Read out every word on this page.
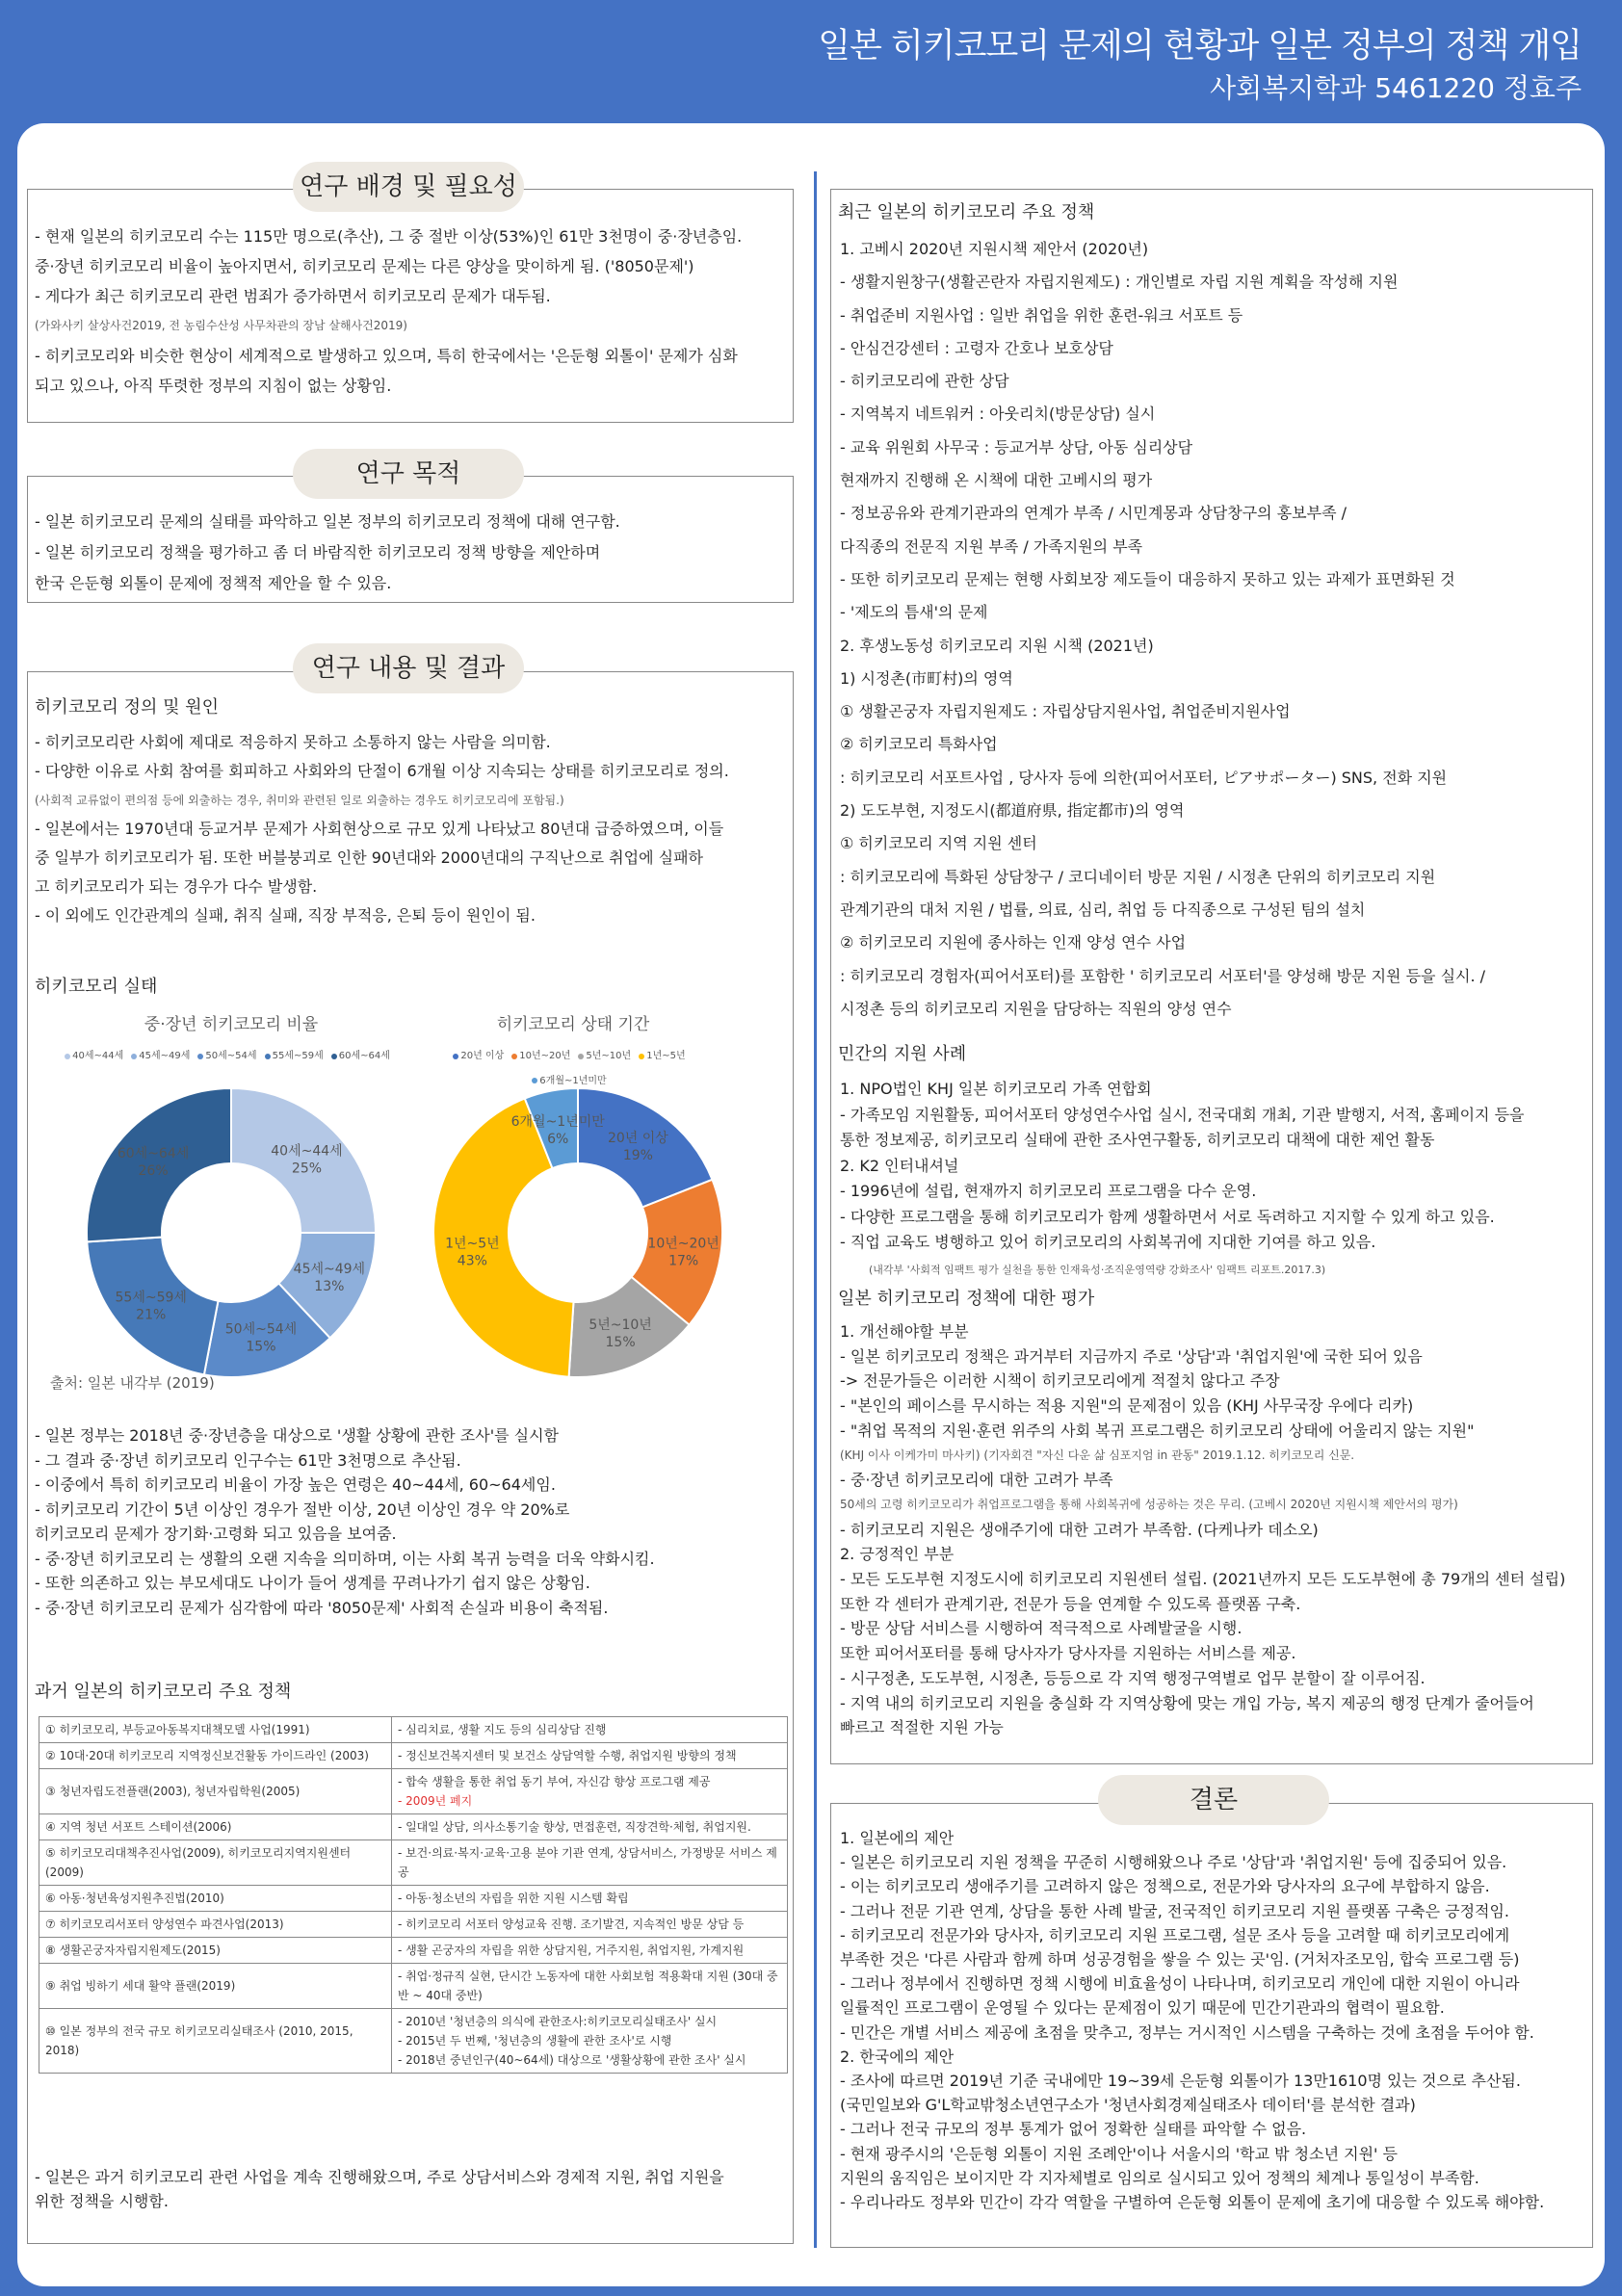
일본 히키코모리 문제의 현황과 일본 정부의 정책 개입
사회복지학과 5461220 정효주
연구 배경 및 필요성
- 현재 일본의 히키코모리 수는 115만 명으로(추산), 그 중 절반 이상(53%)인 61만 3천명이 중·장년층임.
중·장년 히키코모리 비율이 높아지면서, 히키코모리 문제는 다른 양상을 맞이하게 됨. ('8050문제')
- 게다가 최근 히키코모리 관련 범죄가 증가하면서 히키코모리 문제가 대두됨.
(가와사키 살상사건2019, 전 농림수산성 사무차관의 장남 살해사건2019)
- 히키코모리와 비슷한 현상이 세계적으로 발생하고 있으며, 특히 한국에서는 '은둔형 외톨이' 문제가 심화
되고 있으나, 아직 뚜렷한 정부의 지침이 없는 상황임.
연구 목적
- 일본 히키코모리 문제의 실태를 파악하고 일본 정부의 히키코모리 정책에 대해 연구함.
- 일본 히키코모리 정책을 평가하고 좀 더 바람직한 히키코모리 정책 방향을 제안하며
한국 은둔형 외톨이 문제에 정책적 제안을 할 수 있음.
연구 내용 및 결과
히키코모리 정의 및 원인
- 히키코모리란 사회에 제대로 적응하지 못하고 소통하지 않는 사람을 의미함.
- 다양한 이유로 사회 참여를 회피하고 사회와의 단절이 6개월 이상 지속되는 상태를 히키코모리로 정의.
(사회적 교류없이 편의점 등에 외출하는 경우, 취미와 관련된 일로 외출하는 경우도 히키코모리에 포함됨.)
- 일본에서는 1970년대 등교거부 문제가 사회현상으로 규모 있게 나타났고 80년대 급증하였으며, 이들
중 일부가 히키코모리가 됨. 또한 버블붕괴로 인한 90년대와 2000년대의 구직난으로 취업에 실패하
고 히키코모리가 되는 경우가 다수 발생함.
- 이 외에도 인간관계의 실패, 취직 실패, 직장 부적응, 은퇴 등이 원인이 됨.
히키코모리 실태
중·장년 히키코모리 비율
40세~44세 45세~49세 50세~54세 55세~59세 60세~64세
40세~44세
25%
45세~49세
13%
50세~54세
15%
55세~59세
21%
60세~64세
26%
히키코모리 상태 기간
20년 이상 10년~20년 5년~10년 1년~5년
6개월~1년미만
20년 이상
19%
10년~20년
17%
5년~10년
15%
1년~5년
43%
6개월~1년미만
6%
출처: 일본 내각부 (2019)
- 일본 정부는 2018년 중·장년층을 대상으로 '생활 상황에 관한 조사'를 실시함
- 그 결과 중·장년 히키코모리 인구수는 61만 3천명으로 추산됨.
- 이중에서 특히 히키코모리 비율이 가장 높은 연령은 40~44세, 60~64세임.
- 히키코모리 기간이 5년 이상인 경우가 절반 이상, 20년 이상인 경우 약 20%로
히키코모리 문제가 장기화·고령화 되고 있음을 보여줌.
- 중·장년 히키코모리 는 생활의 오랜 지속을 의미하며, 이는 사회 복귀 능력을 더욱 약화시킴.
- 또한 의존하고 있는 부모세대도 나이가 들어 생계를 꾸려나가기 쉽지 않은 상황임.
- 중·장년 히키코모리 문제가 심각함에 따라 '8050문제' 사회적 손실과 비용이 축적됨.
과거 일본의 히키코모리 주요 정책
① 히키코모리, 부등교아동복지대책모델 사업(1991)	- 심리치료, 생활 지도 등의 심리상담 진행

② 10대·20대 히키코모리 지역정신보건활동 가이드라인 (2003)	- 정신보건복지센터 및 보건소 상담역할 수행, 취업지원 방향의 정책

③ 청년자립도전플랜(2003), 청년자립학원(2005)	- 합숙 생활을 통한 취업 동기 부여, 자신감 향상 프로그램 제공
- 2009년 폐지

④ 지역 청년 서포트 스테이션(2006)	- 일대일 상담, 의사소통기술 향상, 면접훈련, 직장견학·체험, 취업지원.

⑤ 히키코모리대책추진사업(2009), 히키코모리지역지원센터(2009)	- 보건·의료·복지·교육·고용 분야 기관 연계, 상담서비스, 가정방문 서비스 제공

⑥ 아동·청년육성지원추진법(2010)	- 아동·청소년의 자립을 위한 지원 시스템 확립

⑦ 히키코모리서포터 양성연수 파견사업(2013)	- 히키코모리 서포터 양성교육 진행. 조기발견, 지속적인 방문 상담 등

⑧ 생활곤궁자자립지원제도(2015)	- 생활 곤궁자의 자립을 위한 상담지원, 거주지원, 취업지원, 가계지원

⑨ 취업 빙하기 세대 활약 플랜(2019)	- 취업·정규직 실현, 단시간 노동자에 대한 사회보험 적용확대 지원 (30대 중반 ~ 40대 중반)

⑩ 일본 정부의 전국 규모 히키코모리실태조사 (2010, 2015, 2018)	- 2010년 '청년층의 의식에 관한조사:히키코모리실태조사' 실시
- 2015년 두 번째, '청년층의 생활에 관한 조사'로 시행
- 2018년 중년인구(40~64세) 대상으로 '생활상황에 관한 조사' 실시
- 일본은 과거 히키코모리 관련 사업을 계속 진행해왔으며, 주로 상담서비스와 경제적 지원, 취업 지원을
위한 정책을 시행함.
최근 일본의 히키코모리 주요 정책
1. 고베시 2020년 지원시책 제안서 (2020년)
- 생활지원창구(생활곤란자 자립지원제도) : 개인별로 자립 지원 계획을 작성해 지원
- 취업준비 지원사업 : 일반 취업을 위한 훈련-워크 서포트 등
- 안심건강센터 : 고령자 간호나 보호상담
- 히키코모리에 관한 상담
- 지역복지 네트워커 : 아웃리치(방문상담) 실시
- 교육 위원회 사무국 : 등교거부 상담, 아동 심리상담
현재까지 진행해 온 시책에 대한 고베시의 평가
- 정보공유와 관계기관과의 연계가 부족 / 시민계몽과 상담창구의 홍보부족 /
다직종의 전문직 지원 부족 / 가족지원의 부족
- 또한 히키코모리 문제는 현행 사회보장 제도들이 대응하지 못하고 있는 과제가 표면화된 것
- '제도의 틈새'의 문제
2. 후생노동성 히키코모리 지원 시책 (2021년)
1) 시정촌(市町村)의 영역
① 생활곤궁자 자립지원제도 : 자립상담지원사업, 취업준비지원사업
② 히키코모리 특화사업
: 히키코모리 서포트사업 , 당사자 등에 의한(피어서포터, ピアサポーター) SNS, 전화 지원
2) 도도부현, 지정도시(都道府県, 指定都市)의 영역
① 히키코모리 지역 지원 센터
: 히키코모리에 특화된 상담창구 / 코디네이터 방문 지원 / 시정촌 단위의 히키코모리 지원
관계기관의 대처 지원 / 법률, 의료, 심리, 취업 등 다직종으로 구성된 팀의 설치
② 히키코모리 지원에 종사하는 인재 양성 연수 사업
: 히키코모리 경험자(피어서포터)를 포함한 ' 히키코모리 서포터'를 양성해 방문 지원 등을 실시. /
시정촌 등의 히키코모리 지원을 담당하는 직원의 양성 연수
민간의 지원 사례
1. NPO법인 KHJ 일본 히키코모리 가족 연합회
- 가족모임 지원활동, 피어서포터 양성연수사업 실시, 전국대회 개최, 기관 발행지, 서적, 홈페이지 등을
통한 정보제공, 히키코모리 실태에 관한 조사연구활동, 히키코모리 대책에 대한 제언 활동
2. K2 인터내셔널
- 1996년에 설립, 현재까지 히키코모리 프로그램을 다수 운영.
- 다양한 프로그램을 통해 히키코모리가 함께 생활하면서 서로 독려하고 지지할 수 있게 하고 있음.
- 직업 교육도 병행하고 있어 히키코모리의 사회복귀에 지대한 기여를 하고 있음.
(내각부 '사회적 임팩트 평가 실천을 통한 인재육성·조직운영역량 강화조사' 임팩트 리포트.2017.3)
일본 히키코모리 정책에 대한 평가
1. 개선해야할 부분
- 일본 히키코모리 정책은 과거부터 지금까지 주로 '상담'과 '취업지원'에 국한 되어 있음
-> 전문가들은 이러한 시책이 히키코모리에게 적절치 않다고 주장
- "본인의 페이스를 무시하는 적용 지원"의 문제점이 있음 (KHJ 사무국장 우에다 리카)
- "취업 목적의 지원·훈련 위주의 사회 복귀 프로그램은 히키코모리 상태에 어울리지 않는 지원"
(KHJ 이사 이케가미 마사키) (기자회견 "자신 다운 삶 심포지엄 in 관동" 2019.1.12. 히키코모리 신문.
- 중·장년 히키코모리에 대한 고려가 부족
50세의 고령 히키코모리가 취업프로그램을 통해 사회복귀에 성공하는 것은 무리. (고베시 2020년 지원시책 제안서의 평가)
- 히키코모리 지원은 생애주기에 대한 고려가 부족함. (다케나카 데소오)
2. 긍정적인 부분
- 모든 도도부현 지정도시에 히키코모리 지원센터 설립. (2021년까지 모든 도도부현에 총 79개의 센터 설립)
또한 각 센터가 관계기관, 전문가 등을 연계할 수 있도록 플랫폼 구축.
- 방문 상담 서비스를 시행하여 적극적으로 사례발굴을 시행.
또한 피어서포터를 통해 당사자가 당사자를 지원하는 서비스를 제공.
- 시구정촌, 도도부현, 시정촌, 등등으로 각 지역 행정구역별로 업무 분할이 잘 이루어짐.
- 지역 내의 히키코모리 지원을 충실화 각 지역상황에 맞는 개입 가능, 복지 제공의 행정 단계가 줄어들어
빠르고 적절한 지원 가능
결론
1. 일본에의 제안
- 일본은 히키코모리 지원 정책을 꾸준히 시행해왔으나 주로 '상담'과 '취업지원' 등에 집중되어 있음.
- 이는 히키코모리 생애주기를 고려하지 않은 정책으로, 전문가와 당사자의 요구에 부합하지 않음.
- 그러나 전문 기관 연계, 상담을 통한 사례 발굴, 전국적인 히키코모리 지원 플랫폼 구축은 긍정적임.
- 히키코모리 전문가와 당사자, 히키코모리 지원 프로그램, 설문 조사 등을 고려할 때 히키코모리에게
부족한 것은 '다른 사람과 함께 하며 성공경험을 쌓을 수 있는 곳'임. (거처자조모임, 합숙 프로그램 등)
- 그러나 정부에서 진행하면 정책 시행에 비효율성이 나타나며, 히키코모리 개인에 대한 지원이 아니라
일률적인 프로그램이 운영될 수 있다는 문제점이 있기 때문에 민간기관과의 협력이 필요함.
- 민간은 개별 서비스 제공에 초점을 맞추고, 정부는 거시적인 시스템을 구축하는 것에 초점을 두어야 함.
2. 한국에의 제안
- 조사에 따르면 2019년 기준 국내에만 19~39세 은둔형 외톨이가 13만1610명 있는 것으로 추산됨.
(국민일보와 G'L학교밖청소년연구소가 '청년사회경제실태조사 데이터'를 분석한 결과)
- 그러나 전국 규모의 정부 통계가 없어 정확한 실태를 파악할 수 없음.
- 현재 광주시의 '은둔형 외톨이 지원 조례안'이나 서울시의 '학교 밖 청소년 지원' 등
지원의 움직임은 보이지만 각 지자체별로 임의로 실시되고 있어 정책의 체계나 통일성이 부족함.
- 우리나라도 정부와 민간이 각각 역할을 구별하여 은둔형 외톨이 문제에 초기에 대응할 수 있도록 해야함.
